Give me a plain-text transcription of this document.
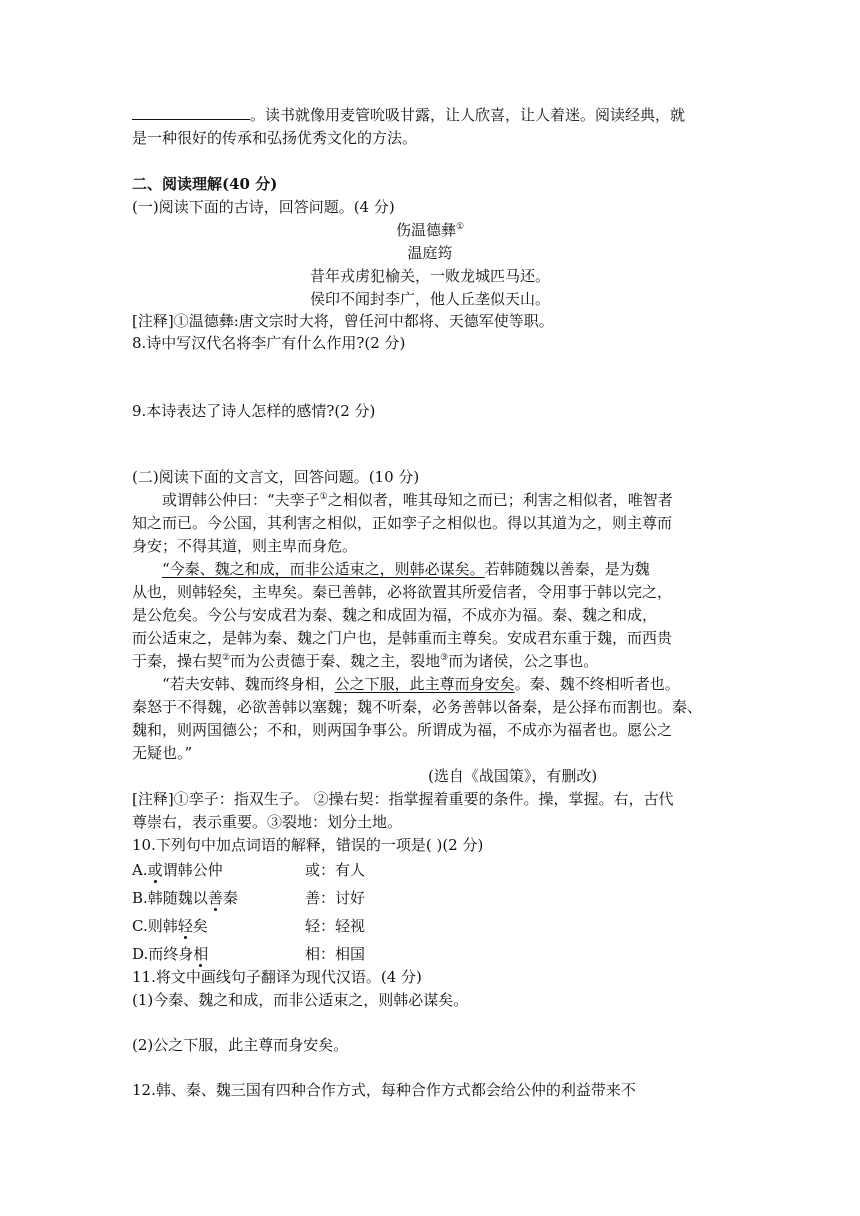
。读书就像用麦管吮吸甘露，让人欣喜，让人着迷。阅读经典，就
是一种很好的传承和弘扬优秀文化的方法。
二、阅读理解(40 分)
(一)阅读下面的古诗，回答问题。(4 分)
伤温德彝①
温庭筠
昔年戎虏犯榆关，一败龙城匹马还。
侯印不闻封李广，他人丘垄似天山。
[注释]①温德彝:唐文宗时大将，曾任河中都将、天德军使等职。
8.诗中写汉代名将李广有什么作用?(2 分)
9.本诗表达了诗人怎样的感情?(2 分)
(二)阅读下面的文言文，回答问题。(10 分)
或谓韩公仲曰：“夫孪子①之相似者，唯其母知之而已；利害之相似者，唯智者
知之而已。今公国，其利害之相似，正如孪子之相似也。得以其道为之，则主尊而
身安；不得其道，则主卑而身危。
“今秦、魏之和成，而非公适束之，则韩必谋矣。若韩随魏以善秦，是为魏
从也，则韩轻矣，主卑矣。秦已善韩，必将欲置其所爱信者，令用事于韩以完之，
是公危矣。今公与安成君为秦、魏之和成固为福，不成亦为福。秦、魏之和成，
而公适束之，是韩为秦、魏之门户也，是韩重而主尊矣。安成君东重于魏，而西贵
于秦，操右契②而为公责德于秦、魏之主，裂地③而为诸侯，公之事也。
“若夫安韩、魏而终身相，公之下服，此主尊而身安矣。秦、魏不终相听者也。
秦怒于不得魏，必欲善韩以塞魏；魏不听秦，必务善韩以备秦，是公择布而割也。秦、
魏和，则两国德公；不和，则两国争事公。所谓成为福，不成亦为福者也。愿公之
无疑也。”
(选自《战国策》，有删改)
[注释]①孪子：指双生子。 ②操右契：指掌握着重要的条件。操，掌握。右，古代
尊崇右，表示重要。③裂地：划分土地。
10.下列句中加点词语的解释，错误的一项是( )(2 分)
A.或谓韩公仲	或：有人
B.韩随魏以善秦	善：讨好
C.则韩轻矣	轻：轻视
D.而终身相	相：相国
11.将文中画线句子翻译为现代汉语。(4 分)
(1)今秦、魏之和成，而非公适束之，则韩必谋矣。
(2)公之下服，此主尊而身安矣。
12.韩、秦、魏三国有四种合作方式，每种合作方式都会给公仲的利益带来不
